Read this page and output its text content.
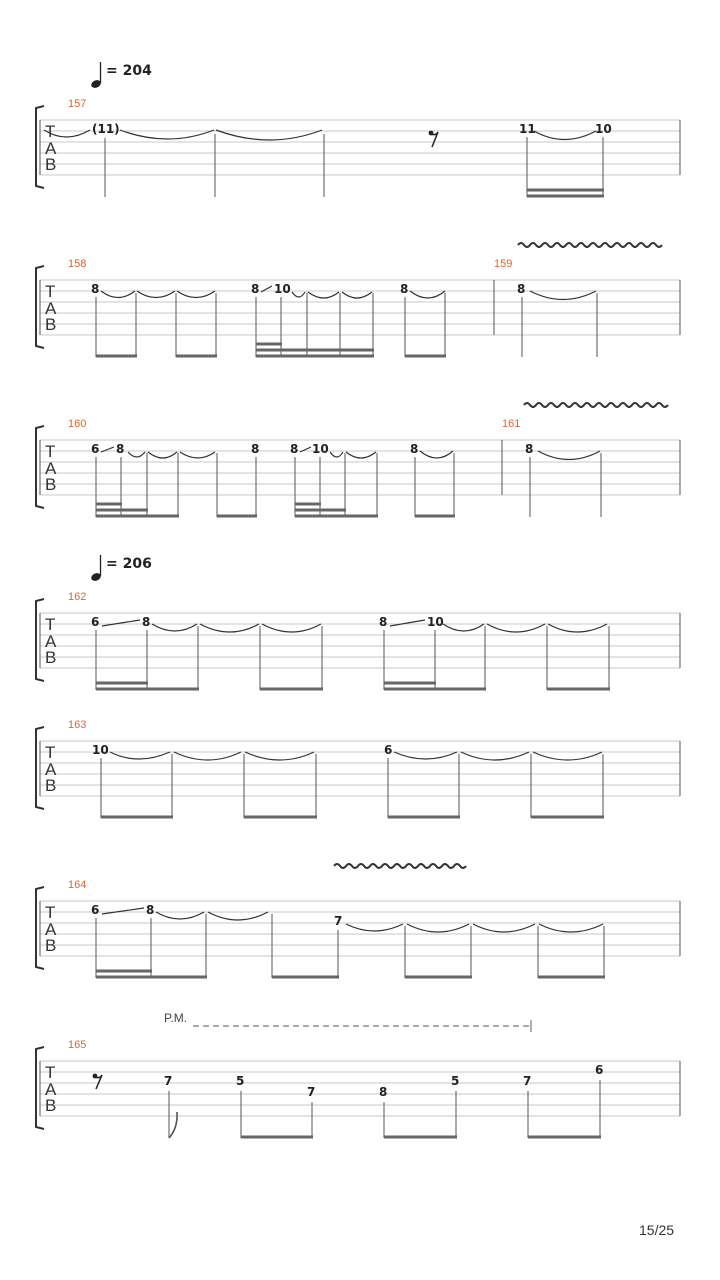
= 204
T
A
B
157
(11)	11	10
T
A
B
158	159
8	8 10	8	8
T
A
B
160	161
6 8	8	8 10	8	8
= 206
T
A
B
162
6	8	8	10
T
A
B
163
10	6
T
A
B
164
6	8
7
P.M.
T
A
B
165
7	5
7	8
5	7
6
15/25
